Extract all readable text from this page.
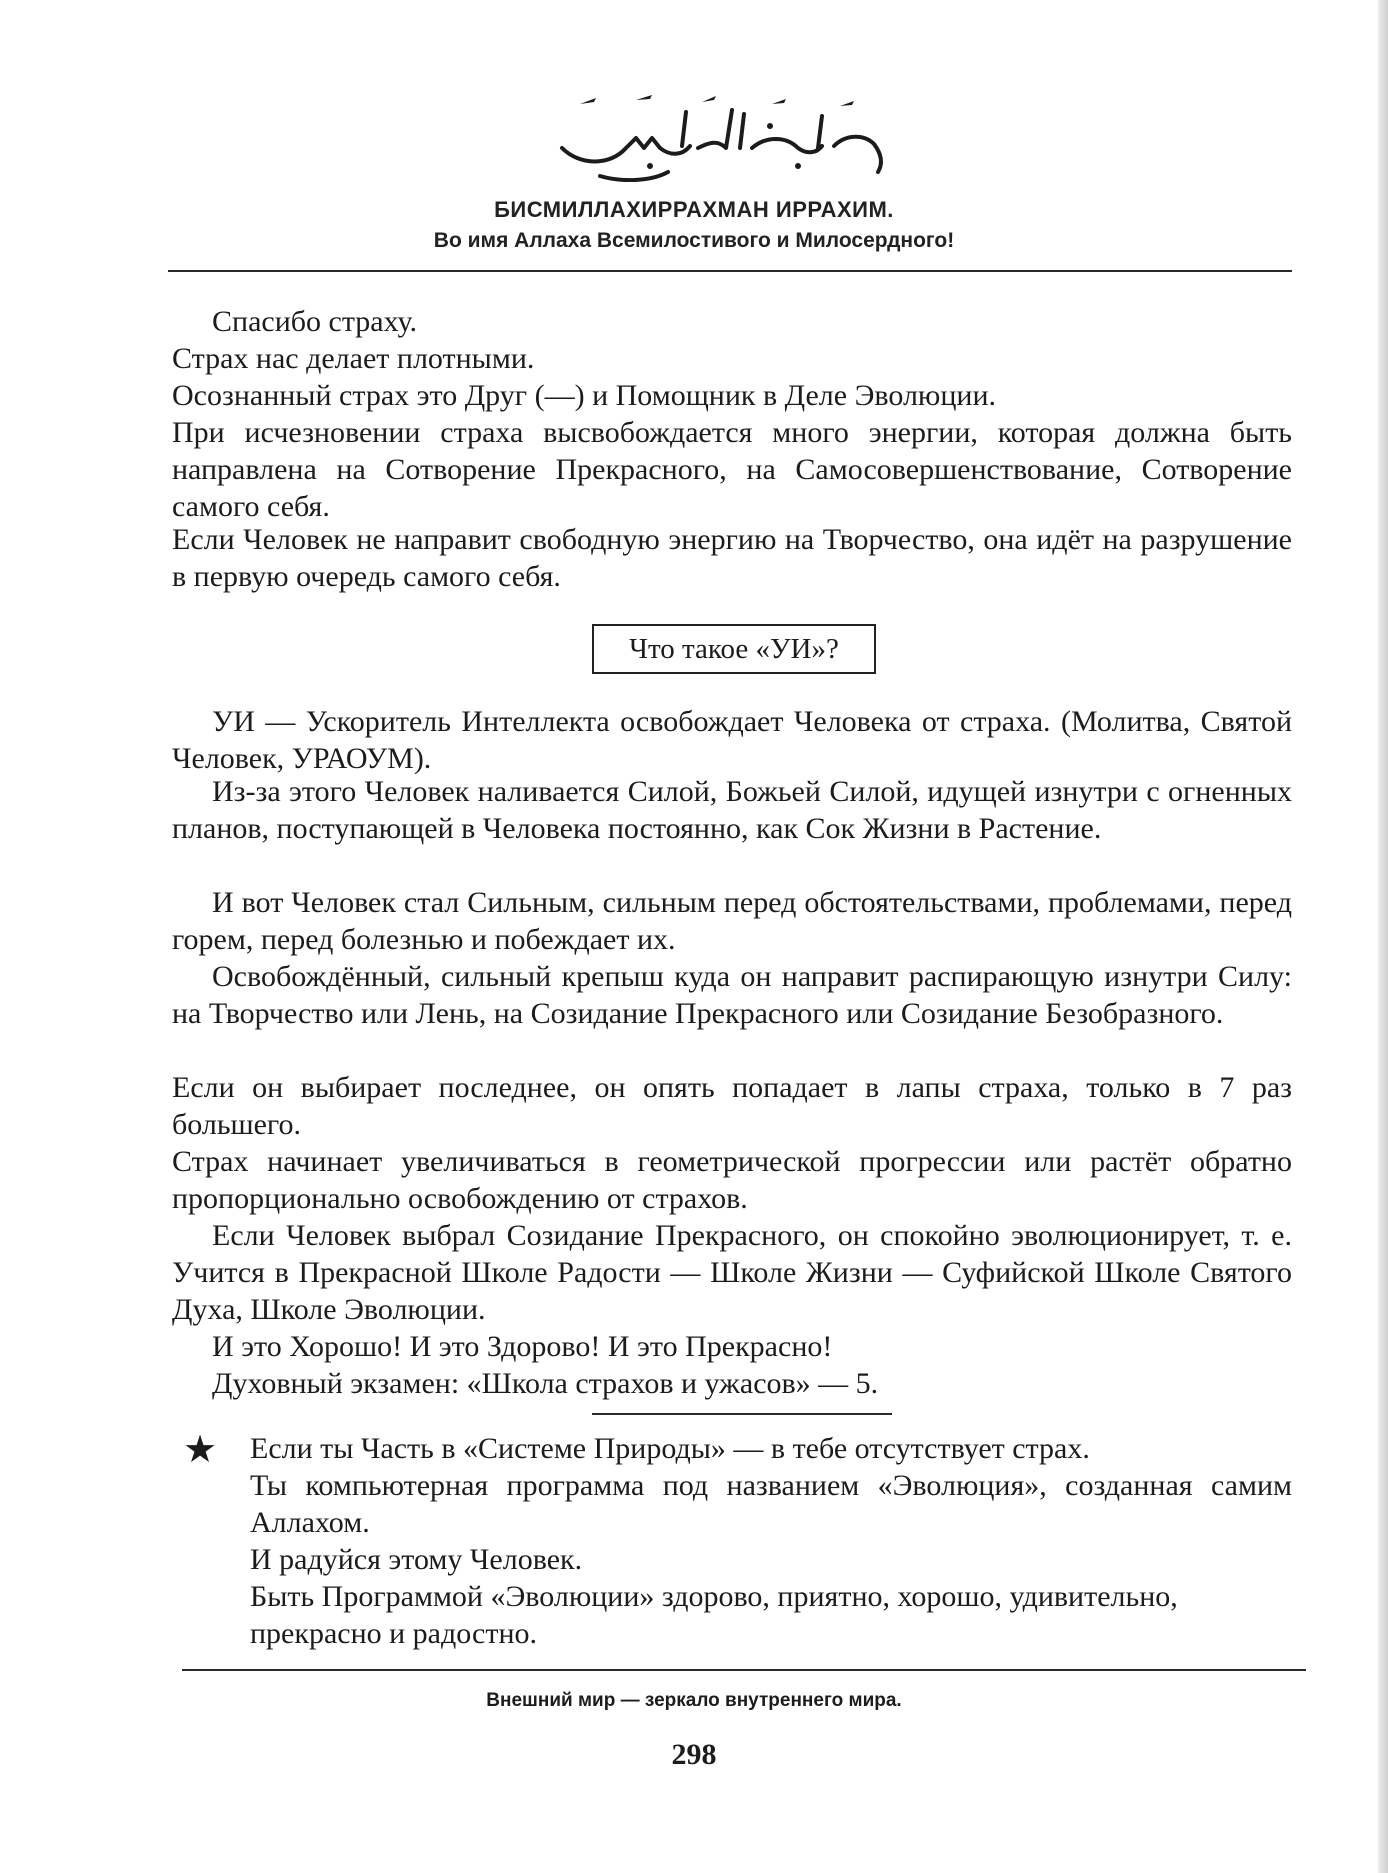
БИСМИЛЛАХИРРАХМАН ИРРАХИМ.
Во имя Аллаха Всемилостивого и Милосердного!

Спасибо страху.

Страх нас делает плотными.

Осознанный страх это Друг (—) и Помощник в Деле Эволюции.

При исчезновении страха высвобождается много энергии, которая должна быть направлена на Сотворение Прекрасного, на Самосовершенствование, Сотворение самого себя.

Если Человек не направит свободную энергию на Творчество, она идёт на разрушение в первую очередь самого себя.

Что такое «УИ»?

УИ — Ускоритель Интеллекта освобождает Человека от страха. (Молитва, Святой Человек, УРАОУМ).

Из-за этого Человек наливается Силой, Божьей Силой, идущей изнутри с огненных планов, поступающей в Человека постоянно, как Сок Жизни в Растение.

И вот Человек стал Сильным, сильным перед обстоятельствами, проблемами, перед горем, перед болезнью и побеждает их.

Освобождённый, сильный крепыш куда он направит распирающую изнутри Силу: на Творчество или Лень, на Созидание Прекрасного или Созидание Безобразного.

Если он выбирает последнее, он опять попадает в лапы страха, только в 7 раз большего.

Страх начинает увеличиваться в геометрической прогрессии или растёт обратно пропорционально освобождению от страхов.

Если Человек выбрал Созидание Прекрасного, он спокойно эволюционирует, т. е. Учится в Прекрасной Школе Радости — Школе Жизни — Суфийской Школе Святого Духа, Школе Эволюции.

И это Хорошо! И это Здорово! И это Прекрасно!

Духовный экзамен: «Школа страхов и ужасов» — 5.

★ Если ты Часть в «Системе Природы» — в тебе отсутствует страх.

Ты компьютерная программа под названием «Эволюция», созданная самим Аллахом.

И радуйся этому Человек.

Быть Программой «Эволюции» здорово, приятно, хорошо, удивительно, прекрасно и радостно.

Внешний мир — зеркало внутреннего мира.
298
